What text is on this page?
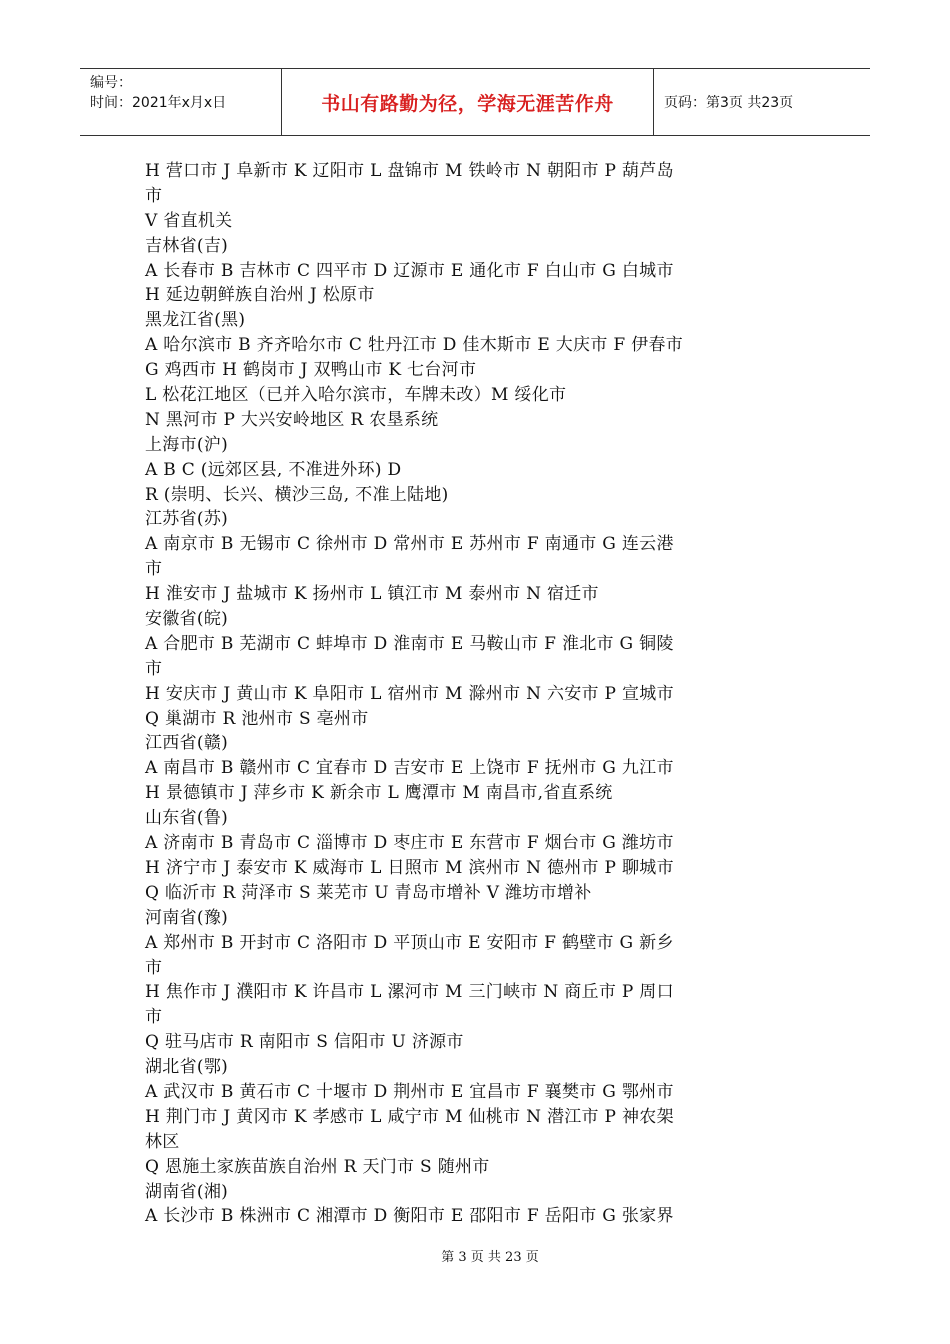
编号：
时间：2021年x月x日	书山有路勤为径，学海无涯苦作舟	页码：第3页 共23页
H 营口市 J 阜新市 K 辽阳市 L 盘锦市 M 铁岭市 N 朝阳市 P 葫芦岛
市
V 省直机关
吉林省(吉)
A 长春市 B 吉林市 C 四平市 D 辽源市 E 通化市 F 白山市 G 白城市
H 延边朝鲜族自治州 J 松原市
黑龙江省(黑)
A 哈尔滨市 B 齐齐哈尔市 C 牡丹江市 D 佳木斯市 E 大庆市 F 伊春市
G 鸡西市 H 鹤岗市 J 双鸭山市 K 七台河市
L 松花江地区（已并入哈尔滨市，车牌未改）M 绥化市
N 黑河市 P 大兴安岭地区 R 农垦系统
上海市(沪)
A B C (远郊区县, 不准进外环) D
R (崇明、长兴、横沙三岛, 不准上陆地)
江苏省(苏)
A 南京市 B 无锡市 C 徐州市 D 常州市 E 苏州市 F 南通市 G 连云港
市
H 淮安市 J 盐城市 K 扬州市 L 镇江市 M 泰州市 N 宿迁市
安徽省(皖)
A 合肥市 B 芜湖市 C 蚌埠市 D 淮南市 E 马鞍山市 F 淮北市 G 铜陵
市
H 安庆市 J 黄山市 K 阜阳市 L 宿州市 M 滁州市 N 六安市 P 宣城市
Q 巢湖市 R 池州市 S 亳州市
江西省(赣)
A 南昌市 B 赣州市 C 宜春市 D 吉安市 E 上饶市 F 抚州市 G 九江市
H 景德镇市 J 萍乡市 K 新余市 L 鹰潭市 M 南昌市,省直系统
山东省(鲁)
A 济南市 B 青岛市 C 淄博市 D 枣庄市 E 东营市 F 烟台市 G 潍坊市
H 济宁市 J 泰安市 K 威海市 L 日照市 M 滨州市 N 德州市 P 聊城市
Q 临沂市 R 菏泽市 S 莱芜市 U 青岛市增补 V 潍坊市增补
河南省(豫)
A 郑州市 B 开封市 C 洛阳市 D 平顶山市 E 安阳市 F 鹤壁市 G 新乡
市
H 焦作市 J 濮阳市 K 许昌市 L 漯河市 M 三门峡市 N 商丘市 P 周口
市
Q 驻马店市 R 南阳市 S 信阳市 U 济源市
湖北省(鄂)
A 武汉市 B 黄石市 C 十堰市 D 荆州市 E 宜昌市 F 襄樊市 G 鄂州市
H 荆门市 J 黄冈市 K 孝感市 L 咸宁市 M 仙桃市 N 潜江市 P 神农架
林区
Q 恩施土家族苗族自治州 R 天门市 S 随州市
湖南省(湘)
A 长沙市 B 株洲市 C 湘潭市 D 衡阳市 E 邵阳市 F 岳阳市 G 张家界
第 3 页 共 23 页
